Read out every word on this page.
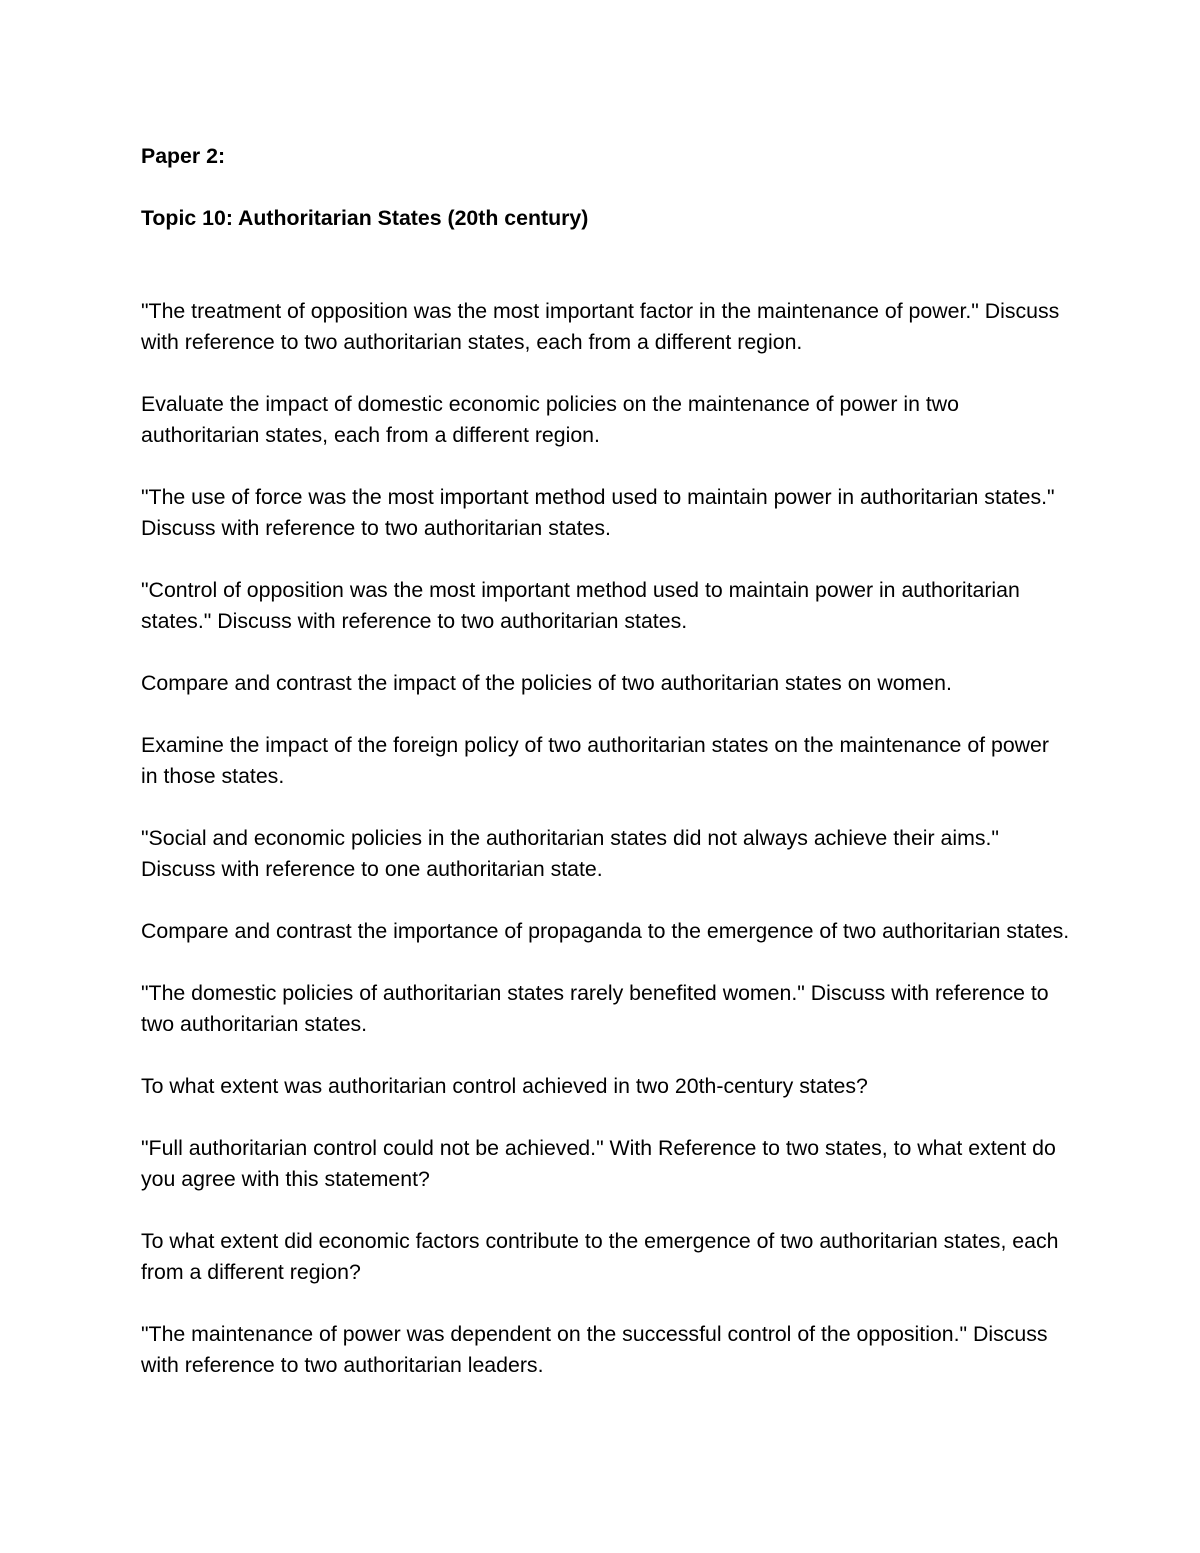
Paper 2:

Topic 10: Authoritarian States (20th century)

"The treatment of opposition was the most important factor in the maintenance of power." Discuss with reference to two authoritarian states, each from a different region.

Evaluate the impact of domestic economic policies on the maintenance of power in two authoritarian states, each from a different region.

"The use of force was the most important method used to maintain power in authoritarian states." Discuss with reference to two authoritarian states.

"Control of opposition was the most important method used to maintain power in authoritarian states." Discuss with reference to two authoritarian states.

Compare and contrast the impact of the policies of two authoritarian states on women.

Examine the impact of the foreign policy of two authoritarian states on the maintenance of power in those states.

"Social and economic policies in the authoritarian states did not always achieve their aims." Discuss with reference to one authoritarian state.

Compare and contrast the importance of propaganda to the emergence of two authoritarian states.

"The domestic policies of authoritarian states rarely benefited women." Discuss with reference to two authoritarian states.

To what extent was authoritarian control achieved in two 20th-century states?

"Full authoritarian control could not be achieved." With Reference to two states, to what extent do you agree with this statement?

To what extent did economic factors contribute to the emergence of two authoritarian states, each from a different region?

"The maintenance of power was dependent on the successful control of the opposition." Discuss with reference to two authoritarian leaders.
